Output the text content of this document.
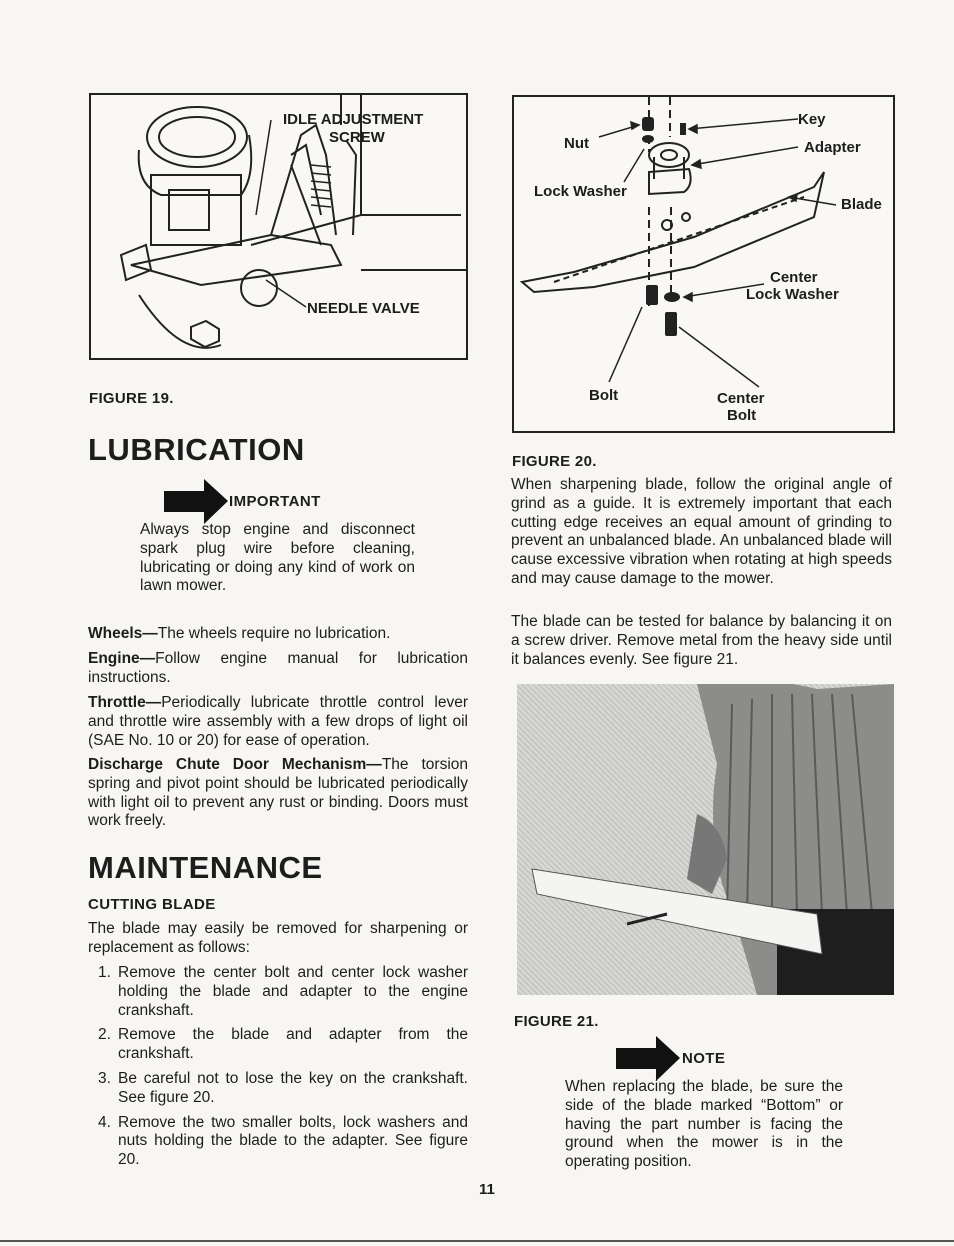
IDLE ADJUSTMENT
SCREW
NEEDLE VALVE
FIGURE 19.
LUBRICATION
IMPORTANT
Always stop engine and disconnect spark plug wire before cleaning, lubricating or doing any kind of work on lawn mower.
Wheels—The wheels require no lubrication.
Engine—Follow engine manual for lubrication instructions.
Throttle—Periodically lubricate throttle control lever and throttle wire assembly with a few drops of light oil (SAE No. 10 or 20) for ease of operation.
Discharge Chute Door Mechanism—The torsion spring and pivot point should be lubricated periodically with light oil to prevent any rust or binding. Doors must work freely.
MAINTENANCE
CUTTING BLADE
The blade may easily be removed for sharpening or replacement as follows:
1. Remove the center bolt and center lock washer holding the blade and adapter to the engine crankshaft.
2. Remove the blade and adapter from the crankshaft.
3. Be careful not to lose the key on the crankshaft. See figure 20.
4. Remove the two smaller bolts, lock washers and nuts holding the blade to the adapter. See figure 20.
Nut
Key
Adapter
Lock Washer
Blade
Center
Lock Washer
Bolt	Center
Bolt
FIGURE 20.
When sharpening blade, follow the original angle of grind as a guide. It is extremely important that each cutting edge receives an equal amount of grinding to prevent an unbalanced blade. An unbalanced blade will cause excessive vibration when rotating at high speeds and may cause damage to the mower.
The blade can be tested for balance by balancing it on a screw driver. Remove metal from the heavy side until it balances evenly. See figure 21.
FIGURE 21.
NOTE
When replacing the blade, be sure the side of the blade marked “Bottom” or having the part number is facing the ground when the mower is in the operating position.
11
